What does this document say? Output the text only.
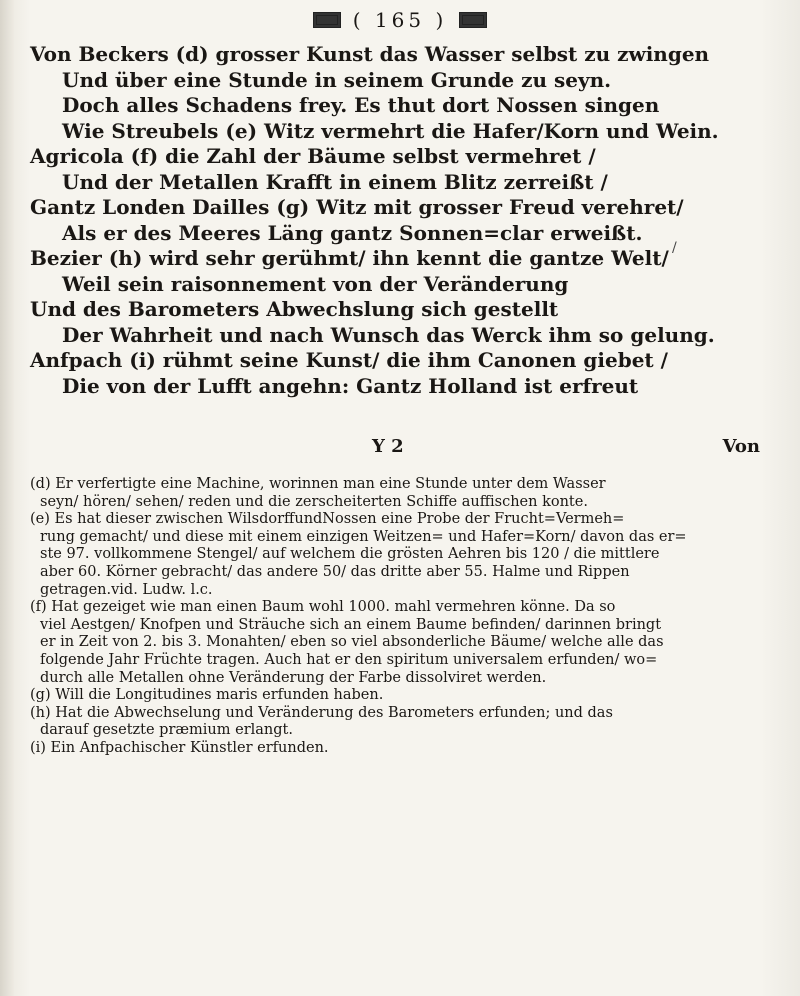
( 165 )
Von Beckers (d) grosser Kunst das Wasser selbst zu zwingen
Und über eine Stunde in seinem Grunde zu seyn.
Doch alles Schadens frey. Es thut dort Nossen singen
Wie Streubels (e) Witz vermehrt die Hafer/Korn und Wein.
Agricola (f) die Zahl der Bäume selbst vermehret /
Und der Metallen Krafft in einem Blitz zerreißt /
Gantz Londen Dailles (g) Witz mit grosser Freud verehret/
Als er des Meeres Läng gantz Sonnen=clar erweißt.
Bezier (h) wird sehr gerühmt/ ihn kennt die gantze Welt/
Weil sein raisonnement von der Veränderung
Und des Barometers Abwechslung sich gestellt
Der Wahrheit und nach Wunsch das Werck ihm so gelung.
Anfpach (i) rühmt seine Kunst/ die ihm Canonen giebet /
Die von der Lufft angehn: Gantz Holland ist erfreut
/
Y 2	Von
(d) Er verfertigte eine Machine, worinnen man eine Stunde unter dem Wasser
seyn/ hören/ sehen/ reden und die zerscheiterten Schiffe auffischen konte.
(e) Es hat dieser zwischen WilsdorffundNossen eine Probe der Frucht=Vermeh=
rung gemacht/ und diese mit einem einzigen Weitzen= und Hafer=Korn/ davon das er=
ste 97. vollkommene Stengel/ auf welchem die grösten Aehren bis 120 / die mittlere
aber 60. Körner gebracht/ das andere 50/ das dritte aber 55. Halme und Rippen
getragen.vid. Ludw. l.c.
(f) Hat gezeiget wie man einen Baum wohl 1000. mahl vermehren könne. Da so
viel Aestgen/ Knofpen und Sträuche sich an einem Baume befinden/ darinnen bringt
er in Zeit von 2. bis 3. Monahten/ eben so viel absonderliche Bäume/ welche alle das
folgende Jahr Früchte tragen. Auch hat er den spiritum universalem erfunden/ wo=
durch alle Metallen ohne Veränderung der Farbe dissolviret werden.
(g) Will die Longitudines maris erfunden haben.
(h) Hat die Abwechselung und Veränderung des Barometers erfunden; und das
darauf gesetzte præmium erlangt.
(i) Ein Anfpachischer Künstler erfunden.
